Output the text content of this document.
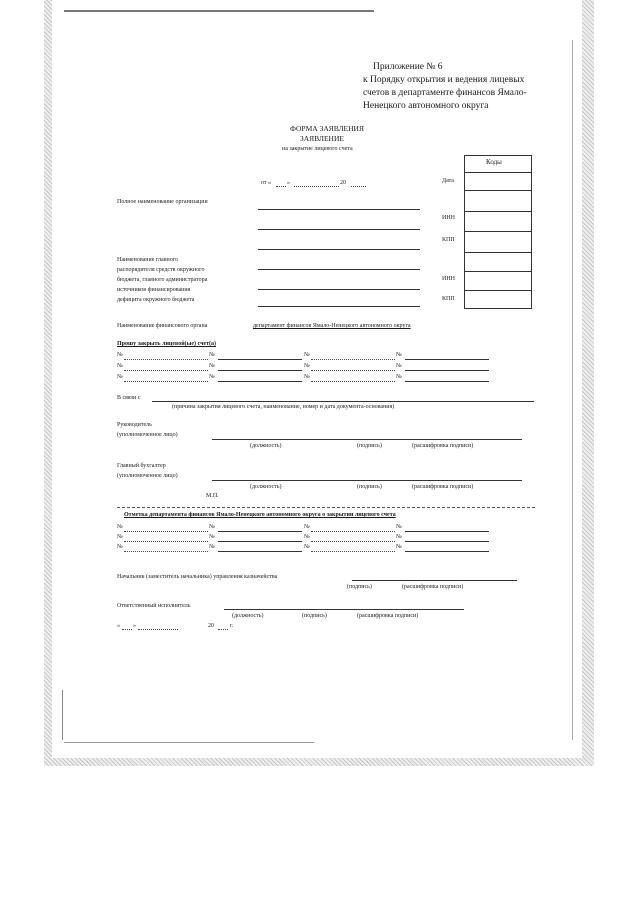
Приложение № 6
к Порядку открытия и ведения лицевых
счетов в департаменте финансов Ямало-
Ненецкого автономного округа
ФОРМА ЗАЯВЛЕНИЯ
ЗАЯВЛЕНИЕ
на закрытие лицевого счета
Коды
Дата
ИНН
КПП
ИНН
КПП
от «	»	20
Полное наименование организации
Наименование главного
распорядителя средств окружного
бюджета, главного администратора
источников финансирования
дефицита окружного бюджета
Наименование финансового органа	департамент финансов Ямало-Ненецкого автономного округа
Прошу закрыть лицевой(ые) счет(а)
№	№	№	№
№	№	№	№
№	№	№	№
В связи с
(причина закрытия лицевого счета, наименование, номер и дата документа-основания)
Руководитель
(уполномоченное лицо)
(должность)	(подпись)	(расшифровка подписи)
Главный бухгалтер
(уполномоченное лицо)
(должность)	(подпись)	(расшифровка подписи)
М.П.
Отметка департамента финансов Ямало-Ненецкого автономного округа о закрытии лицевого счета
№	№	№	№
№	№	№	№
№	№	№	№
Начальник (заместитель начальника) управления казначейства
(подпись)	(расшифровка подписи)
Ответственный исполнитель
(должность)	(подпись)	(расшифровка подписи)
« »	20	г.
